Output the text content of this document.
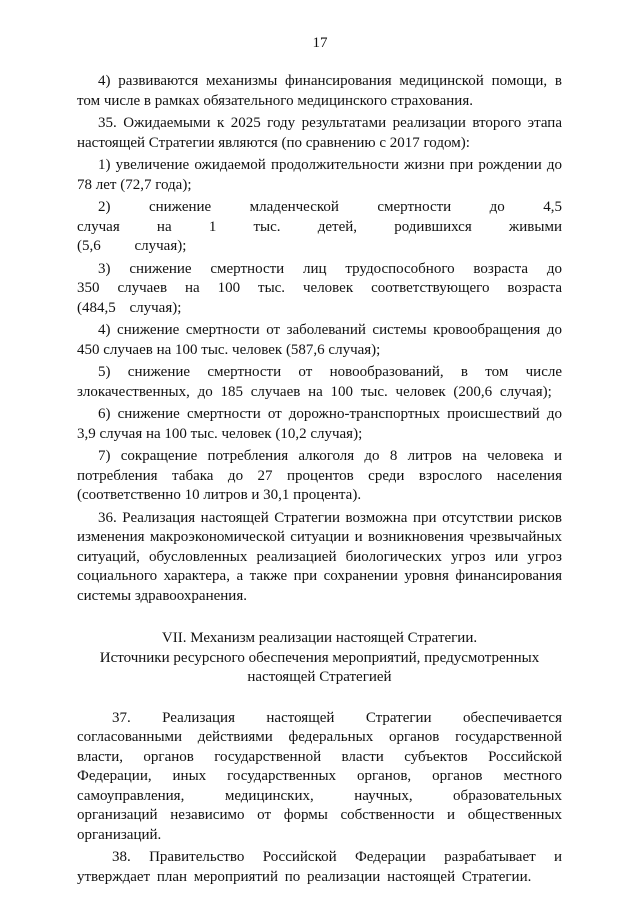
17
4) развиваются механизмы финансирования медицинской помощи, в том числе в рамках обязательного медицинского страхования.
35. Ожидаемыми к 2025 году результатами реализации второго этапа настоящей Стратегии являются (по сравнению с 2017 годом):
1) увеличение ожидаемой продолжительности жизни при рождении до 78 лет (72,7 года);
2) снижение младенческой смертности до 4,5 случая на 1 тыс. детей, родившихся живыми (5,6 случая);
3) снижение смертности лиц трудоспособного возраста до 350 случаев на 100 тыс. человек соответствующего возраста (484,5 случая);
4) снижение смертности от заболеваний системы кровообращения до 450 случаев на 100 тыс. человек (587,6 случая);
5) снижение смертности от новообразований, в том числе злокачественных, до 185 случаев на 100 тыс. человек (200,6 случая);
6) снижение смертности от дорожно-транспортных происшествий до 3,9 случая на 100 тыс. человек (10,2 случая);
7) сокращение потребления алкоголя до 8 литров на человека и потребления табака до 27 процентов среди взрослого населения (соответственно 10 литров и 30,1 процента).
36. Реализация настоящей Стратегии возможна при отсутствии рисков изменения макроэкономической ситуации и возникновения чрезвычайных ситуаций, обусловленных реализацией биологических угроз или угроз социального характера, а также при сохранении уровня финансирования системы здравоохранения.
VII. Механизм реализации настоящей Стратегии.
Источники ресурсного обеспечения мероприятий, предусмотренных
настоящей Стратегией
37. Реализация настоящей Стратегии обеспечивается согласованными действиями федеральных органов государственной власти, органов государственной власти субъектов Российской Федерации, иных государственных органов, органов местного самоуправления, медицинских, научных, образовательных организаций независимо от формы собственности и общественных организаций.
38. Правительство Российской Федерации разрабатывает и утверждает план мероприятий по реализации настоящей Стратегии.
